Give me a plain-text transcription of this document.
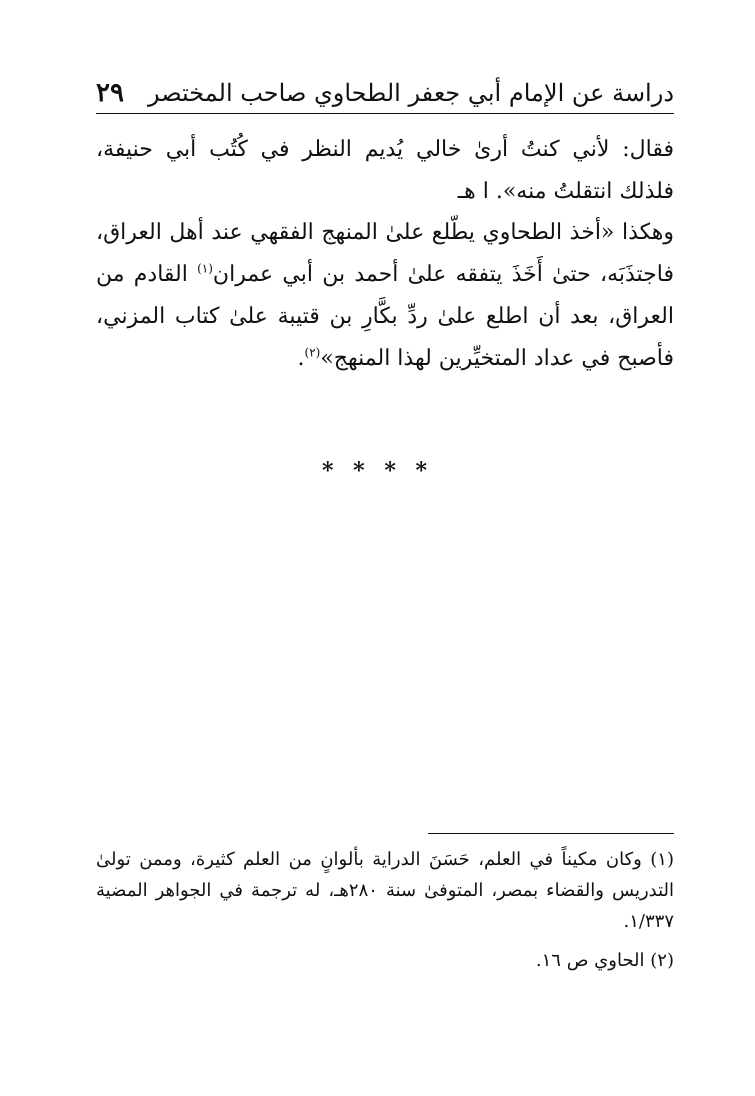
دراسة عن الإمام أبي جعفر الطحاوي صاحب المختصر
٢٩

فقال: لأني كنتُ أرىٰ خالي يُديم النظر في كُتُب أبي حنيفة، فلذلك انتقلتُ منه». ا هـ

وهكذا «أخذ الطحاوي يطّلع علىٰ المنهج الفقهي عند أهل العراق، فاجتذَبَه، حتىٰ أَخَذَ يتفقه علىٰ أحمد بن أبي عمران$^{(١)}$ القادم من العراق، بعد أن اطلع علىٰ ردِّ بكَّارِ بن قتيبة علىٰ كتاب المزني، فأصبح في عداد المتخيِّرين لهذا المنهج»$^{(٢)}$.

* * * *

(١) وكان مكيناً في العلم، حَسَنَ الدراية بألوانٍ من العلم كثيرة، وممن تولىٰ التدريس والقضاء بمصر، المتوفىٰ سنة ٢٨٠هـ، له ترجمة في الجواهر المضية ١/٣٣٧.

(٢) الحاوي ص ١٦.
